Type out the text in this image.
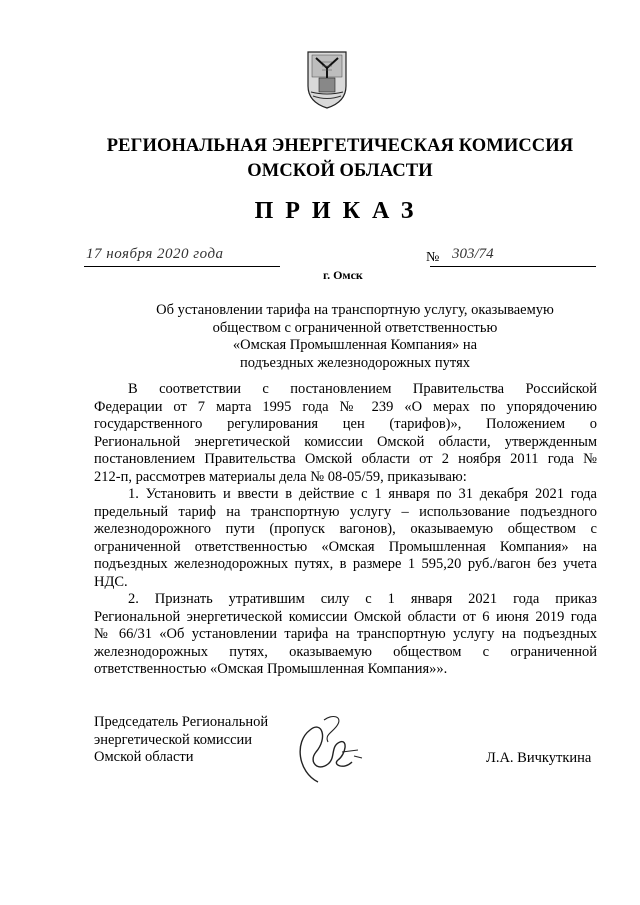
РЕГИОНАЛЬНАЯ ЭНЕРГЕТИЧЕСКАЯ КОМИССИЯ
ОМСКОЙ ОБЛАСТИ
ПРИКАЗ
17 ноября 2020 года	№ 303/74
г. Омск
Об установлении тарифа на транспортную услугу, оказываемую
обществом с ограниченной ответственностью
«Омская Промышленная Компания» на
подъездных железнодорожных путях
В соответствии с постановлением Правительства Российской
Федерации от 7 марта 1995 года № 239 «О мерах по упорядочению
государственного регулирования цен (тарифов)», Положением о
Региональной энергетической комиссии Омской области, утвержденным
постановлением Правительства Омской области от 2 ноября 2011 года №
212-п, рассмотрев материалы дела № 08-05/59, приказываю:
1. Установить и ввести в действие с 1 января по 31 декабря 2021 года
предельный тариф на транспортную услугу – использование подъездного
железнодорожного пути (пропуск вагонов), оказываемую обществом с
ограниченной ответственностью «Омская Промышленная Компания» на
подъездных железнодорожных путях, в размере 1 595,20 руб./вагон без учета
НДС.
2. Признать утратившим силу с 1 января 2021 года приказ
Региональной энергетической комиссии Омской области от 6 июня 2019 года
№ 66/31 «Об установлении тарифа на транспортную услугу на подъездных
железнодорожных путях, оказываемую обществом с ограниченной
ответственностью «Омская Промышленная Компания»».
Председатель Региональной
энергетической комиссии
Омской области	Л.А. Вичкуткина
